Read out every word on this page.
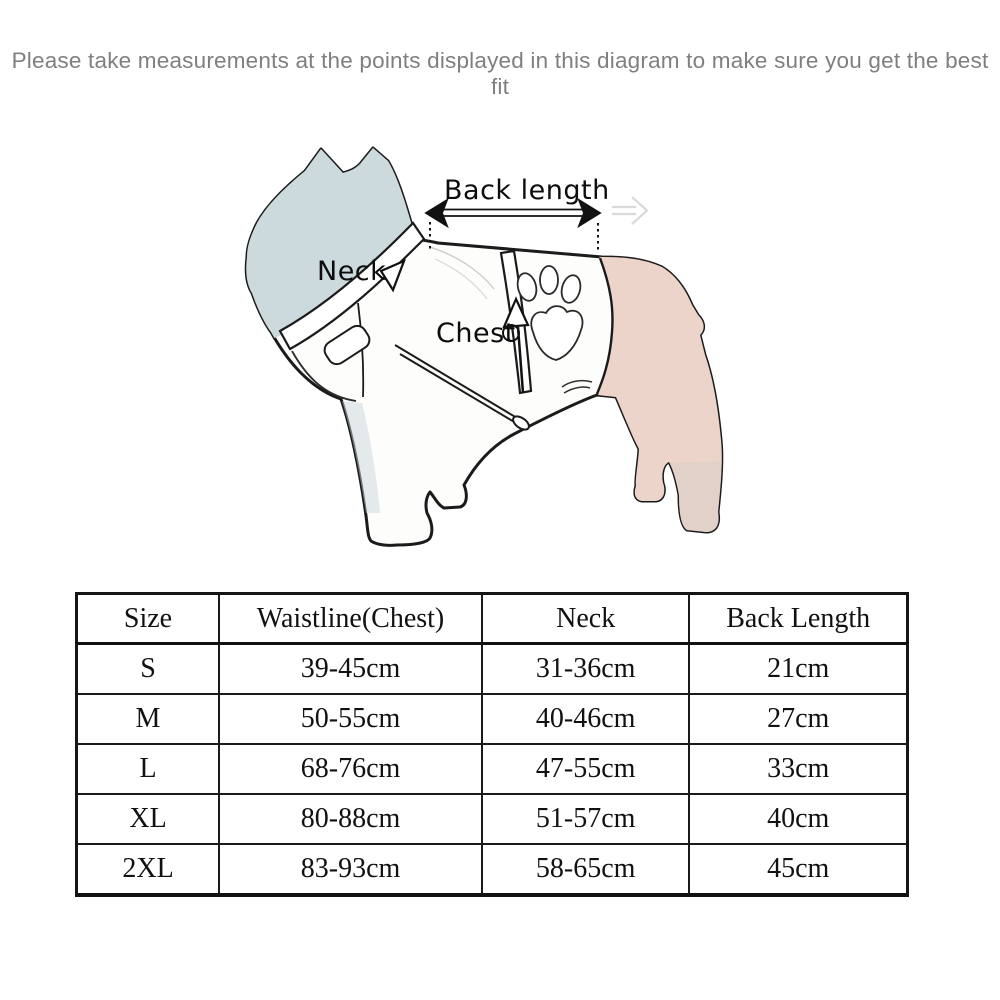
Please take measurements at the points displayed in this diagram to make sure you get the best fit
Back length
Neck
Chest
Size	Waistline(Chest)	Neck	Back Length
S	39-45cm	31-36cm	21cm
M	50-55cm	40-46cm	27cm
L	68-76cm	47-55cm	33cm
XL	80-88cm	51-57cm	40cm
2XL	83-93cm	58-65cm	45cm
